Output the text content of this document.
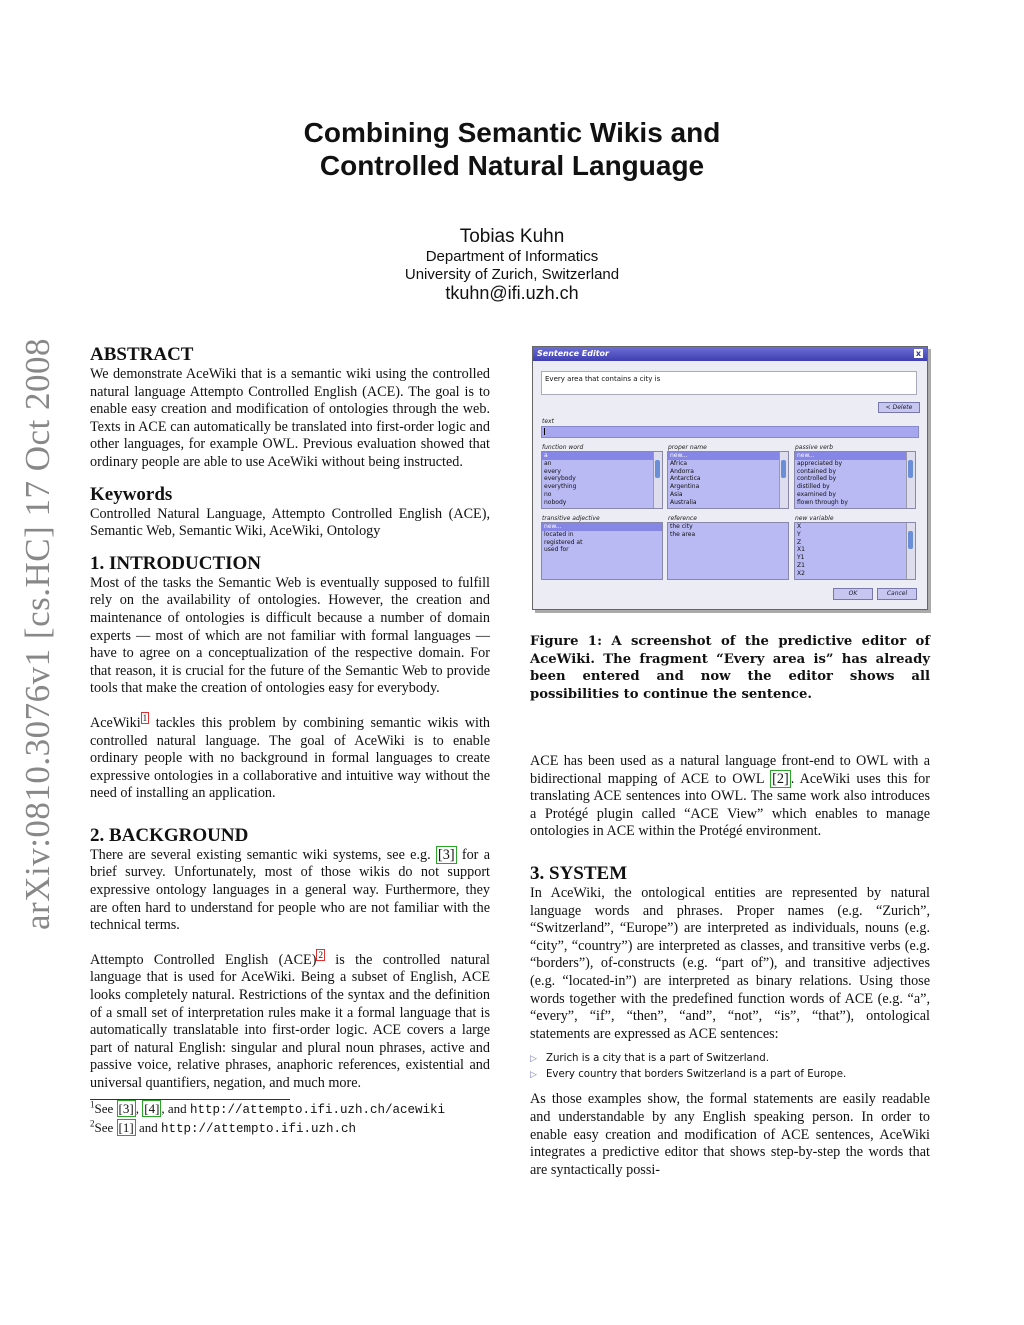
Combining Semantic Wikis and
Controlled Natural Language
Tobias Kuhn
Department of Informatics
University of Zurich, Switzerland
tkuhn@ifi.uzh.ch
arXiv:0810.3076v1 [cs.HC] 17 Oct 2008 ABSTRACT

We demonstrate AceWiki that is a semantic wiki using the controlled natural language Attempto Controlled English (ACE). The goal is to enable easy creation and modification of ontologies through the web. Texts in ACE can automatically be translated into first-order logic and other languages, for example OWL. Previous evaluation showed that ordinary people are able to use AceWiki without being instructed.

Keywords

Controlled Natural Language, Attempto Controlled English (ACE), Semantic Web, Semantic Wiki, AceWiki, Ontology

1. INTRODUCTION

Most of the tasks the Semantic Web is eventually supposed to fulfill rely on the availability of ontologies. However, the creation and maintenance of ontologies is difficult because a number of domain experts — most of which are not familiar with formal languages — have to agree on a conceptualization of the respective domain. For that reason, it is crucial for the future of the Semantic Web to provide tools that make the creation of ontologies easy for everybody.

AceWiki $^1$ tackles this problem by combining semantic wikis with controlled natural language. The goal of AceWiki is to enable ordinary people with no background in formal languages to create expressive ontologies in a collaborative and intuitive way without the need of installing an application.

2. BACKGROUND

There are several existing semantic wiki systems, see e.g. [3] for a brief survey. Unfortunately, most of those wikis do not support expressive ontology languages in a general way. Furthermore, they are often hard to understand for people who are not familiar with the technical terms.

Attempto Controlled English (ACE) $^2$ is the controlled natural language that is used for AceWiki. Being a subset of English, ACE looks completely natural. Restrictions of the syntax and the definition of a small set of interpretation rules make it a formal language that is automatically translatable into first-order logic. ACE covers a large part of natural English: singular and plural noun phrases, active and passive voice, relative phrases, anaphoric references, existential and universal quantifiers, negation, and much more.

$^1$See [3] , [4] , and http://attempto.ifi.uzh.ch/acewiki
$^2$See [1] and http://attempto.ifi.uzh.ch
Sentence Editor	x
Every area that contains a city is
< Delete
text
function word
a
an
every
everybody
everything
no
nobody
proper name
new...
Africa
Andorra
Antarctica
Argentina
Asia
Australia
passive verb
new...
appreciated by
contained by
controlled by
distilled by
examined by
flown through by
transitive adjective
new...
located in
registered at
used for
reference
the city
the area
new variable
X
Y
Z
X1
Y1
Z1
X2
OK	Cancel

Figure 1: A screenshot of the predictive editor of AceWiki. The fragment “Every area is” has already been entered and now the editor shows all possibilities to continue the sentence.

ACE has been used as a natural language front-end to OWL with a bidirectional mapping of ACE to OWL [2] . AceWiki uses this for translating ACE sentences into OWL. The same work also introduces a Protégé plugin called “ACE View” which enables to manage ontologies in ACE within the Protégé environment.

3. SYSTEM

In AceWiki, the ontological entities are represented by natural language words and phrases. Proper names (e.g. “Zurich”, “Switzerland”, “Europe”) are interpreted as individuals, nouns (e.g. “city”, “country”) are interpreted as classes, and transitive verbs (e.g. “borders”), of-constructs (e.g. “part of”), and transitive adjectives (e.g. “located-in”) are interpreted as binary relations. Using those words together with the predefined function words of ACE (e.g. “a”, “every”, “if”, “then”, “and”, “not”, “is”, “that”), ontological statements are expressed as ACE sentences:

▷ Zurich is a city that is a part of Switzerland.
▷ Every country that borders Switzerland is a part of Europe.

As those examples show, the formal statements are easily readable and understandable by any English speaking person. In order to enable easy creation and modification of ACE sentences, AceWiki integrates a predictive editor that shows step-by-step the words that are syntactically possi-
